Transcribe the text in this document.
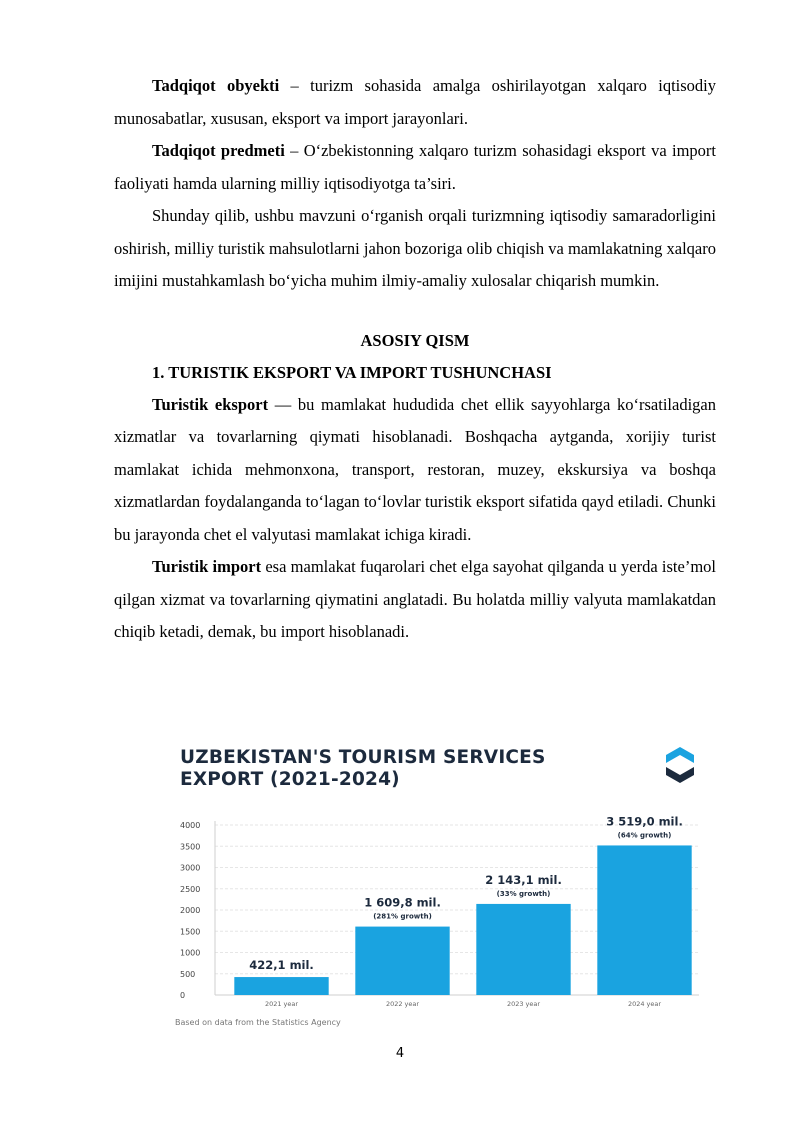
Tadqiqot obyekti – turizm sohasida amalga oshirilayotgan xalqaro iqtisodiy munosabatlar, xususan, eksport va import jarayonlari.

Tadqiqot predmeti – O‘zbekistonning xalqaro turizm sohasidagi eksport va import faoliyati hamda ularning milliy iqtisodiyotga ta’siri.

Shunday qilib, ushbu mavzuni o‘rganish orqali turizmning iqtisodiy samaradorligini oshirish, milliy turistik mahsulotlarni jahon bozoriga olib chiqish va mamlakatning xalqaro imijini mustahkamlash bo‘yicha muhim ilmiy-amaliy xulosalar chiqarish mumkin.

ASOSIY QISM

1. TURISTIK EKSPORT VA IMPORT TUSHUNCHASI

Turistik eksport — bu mamlakat hududida chet ellik sayyohlarga ko‘rsatiladigan xizmatlar va tovarlarning qiymati hisoblanadi. Boshqacha aytganda, xorijiy turist mamlakat ichida mehmonxona, transport, restoran, muzey, ekskursiya va boshqa xizmatlardan foydalanganda to‘lagan to‘lovlar turistik eksport sifatida qayd etiladi. Chunki bu jarayonda chet el valyutasi mamlakat ichiga kiradi.

Turistik import esa mamlakat fuqarolari chet elga sayohat qilganda u yerda iste’mol qilgan xizmat va tovarlarning qiymatini anglatadi. Bu holatda milliy valyuta mamlakatdan chiqib ketadi, demak, bu import hisoblanadi.

UZBEKISTAN'S TOURISM SERVICES
EXPORT (2021-2024)
0
500
1000
1500
2000
2500
3000
3500
4000
422,1 mil.
2021 year
1 609,8 mil.
(281% growth)
2022 year
2 143,1 mil.
(33% growth)
2023 year
3 519,0 mil.
(64% growth)
2024 year
Based on data from the Statistics Agency
4
